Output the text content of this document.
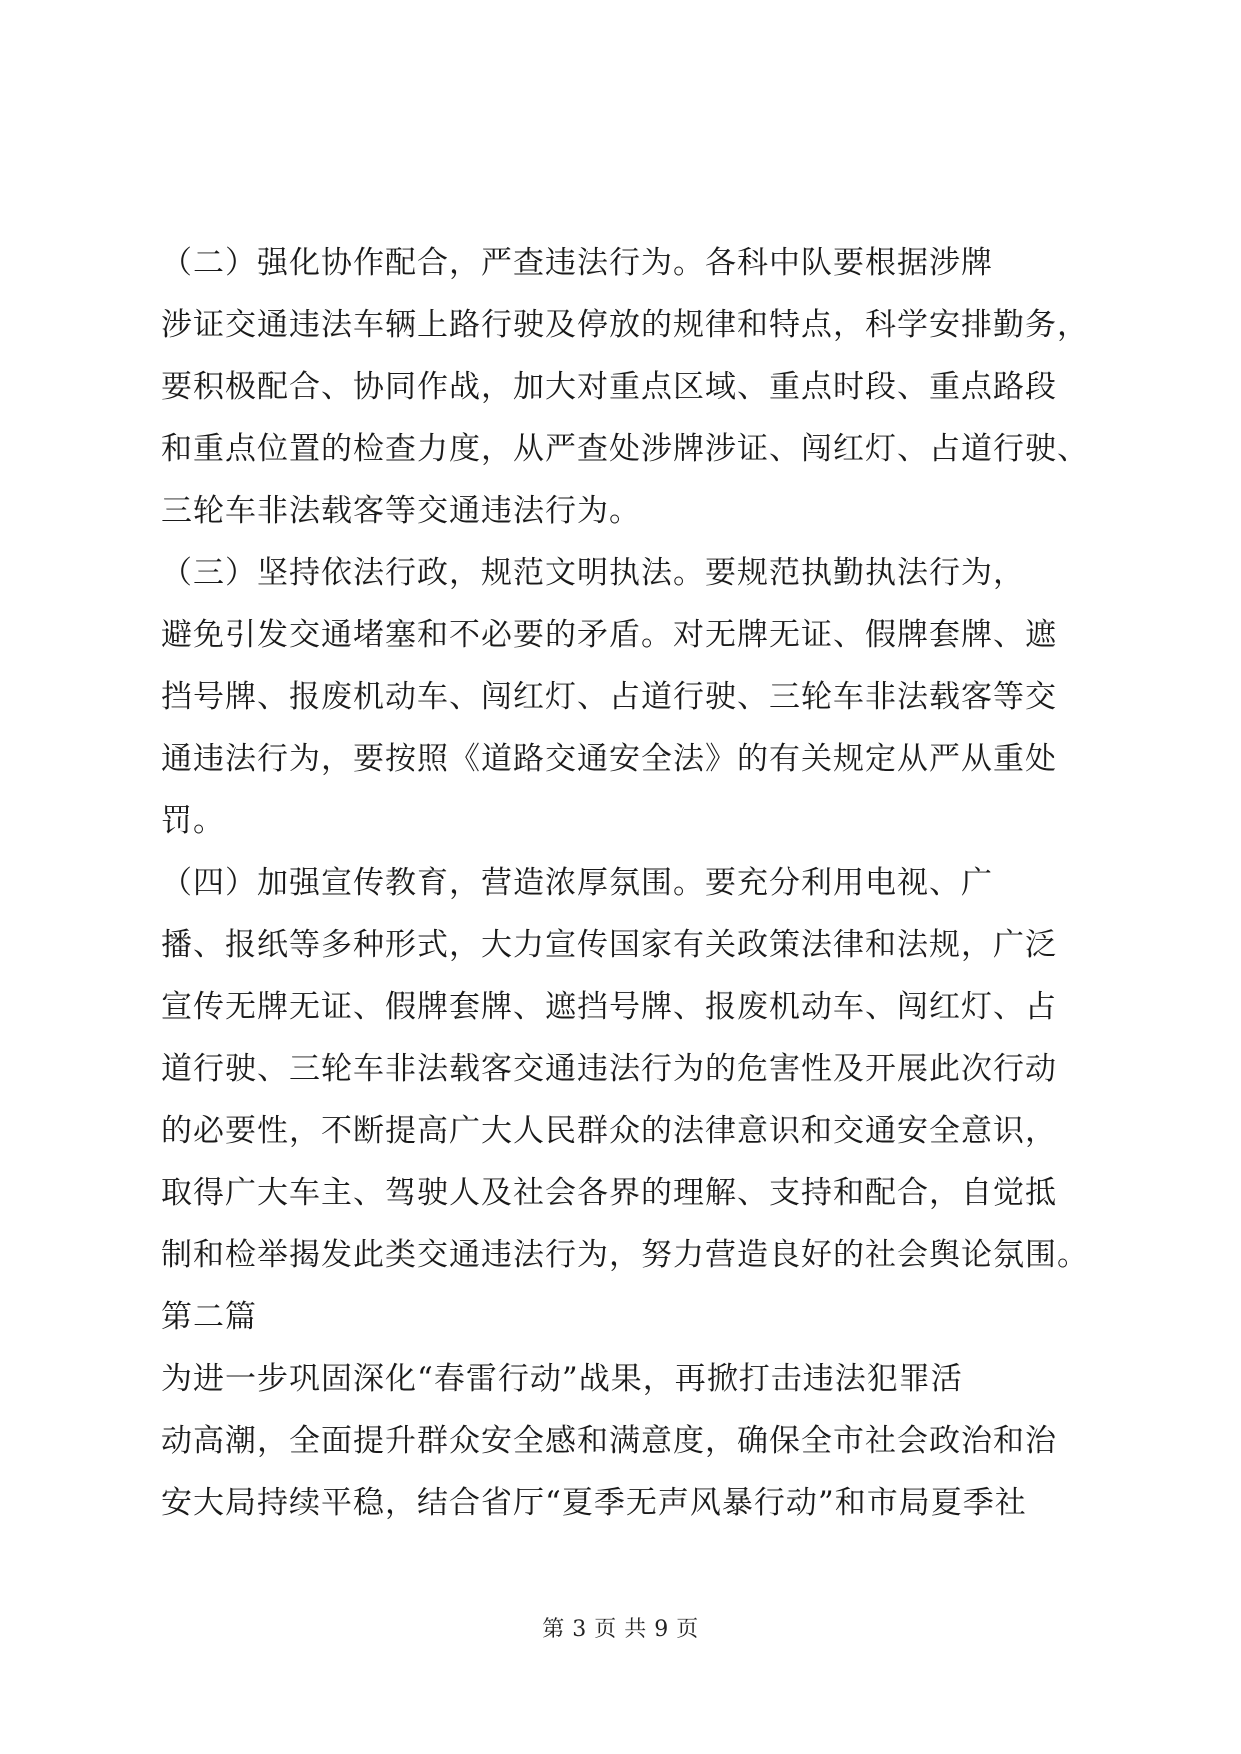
（二）强化协作配合，严查违法行为。各科中队要根据涉牌
涉证交通违法车辆上路行驶及停放的规律和特点，科学安排勤务，
要积极配合、协同作战，加大对重点区域、重点时段、重点路段
和重点位置的检查力度，从严查处涉牌涉证、闯红灯、占道行驶、
三轮车非法载客等交通违法行为。
（三）坚持依法行政，规范文明执法。要规范执勤执法行为，
避免引发交通堵塞和不必要的矛盾。对无牌无证、假牌套牌、遮
挡号牌、报废机动车、闯红灯、占道行驶、三轮车非法载客等交
通违法行为，要按照《道路交通安全法》的有关规定从严从重处
罚。
（四）加强宣传教育，营造浓厚氛围。要充分利用电视、广
播、报纸等多种形式，大力宣传国家有关政策法律和法规，广泛
宣传无牌无证、假牌套牌、遮挡号牌、报废机动车、闯红灯、占
道行驶、三轮车非法载客交通违法行为的危害性及开展此次行动
的必要性，不断提高广大人民群众的法律意识和交通安全意识，
取得广大车主、驾驶人及社会各界的理解、支持和配合，自觉抵
制和检举揭发此类交通违法行为，努力营造良好的社会舆论氛围。
第二篇
为进一步巩固深化“春雷行动”战果，再掀打击违法犯罪活
动高潮，全面提升群众安全感和满意度，确保全市社会政治和治
安大局持续平稳，结合省厅“夏季无声风暴行动”和市局夏季社
第 3 页 共 9 页
